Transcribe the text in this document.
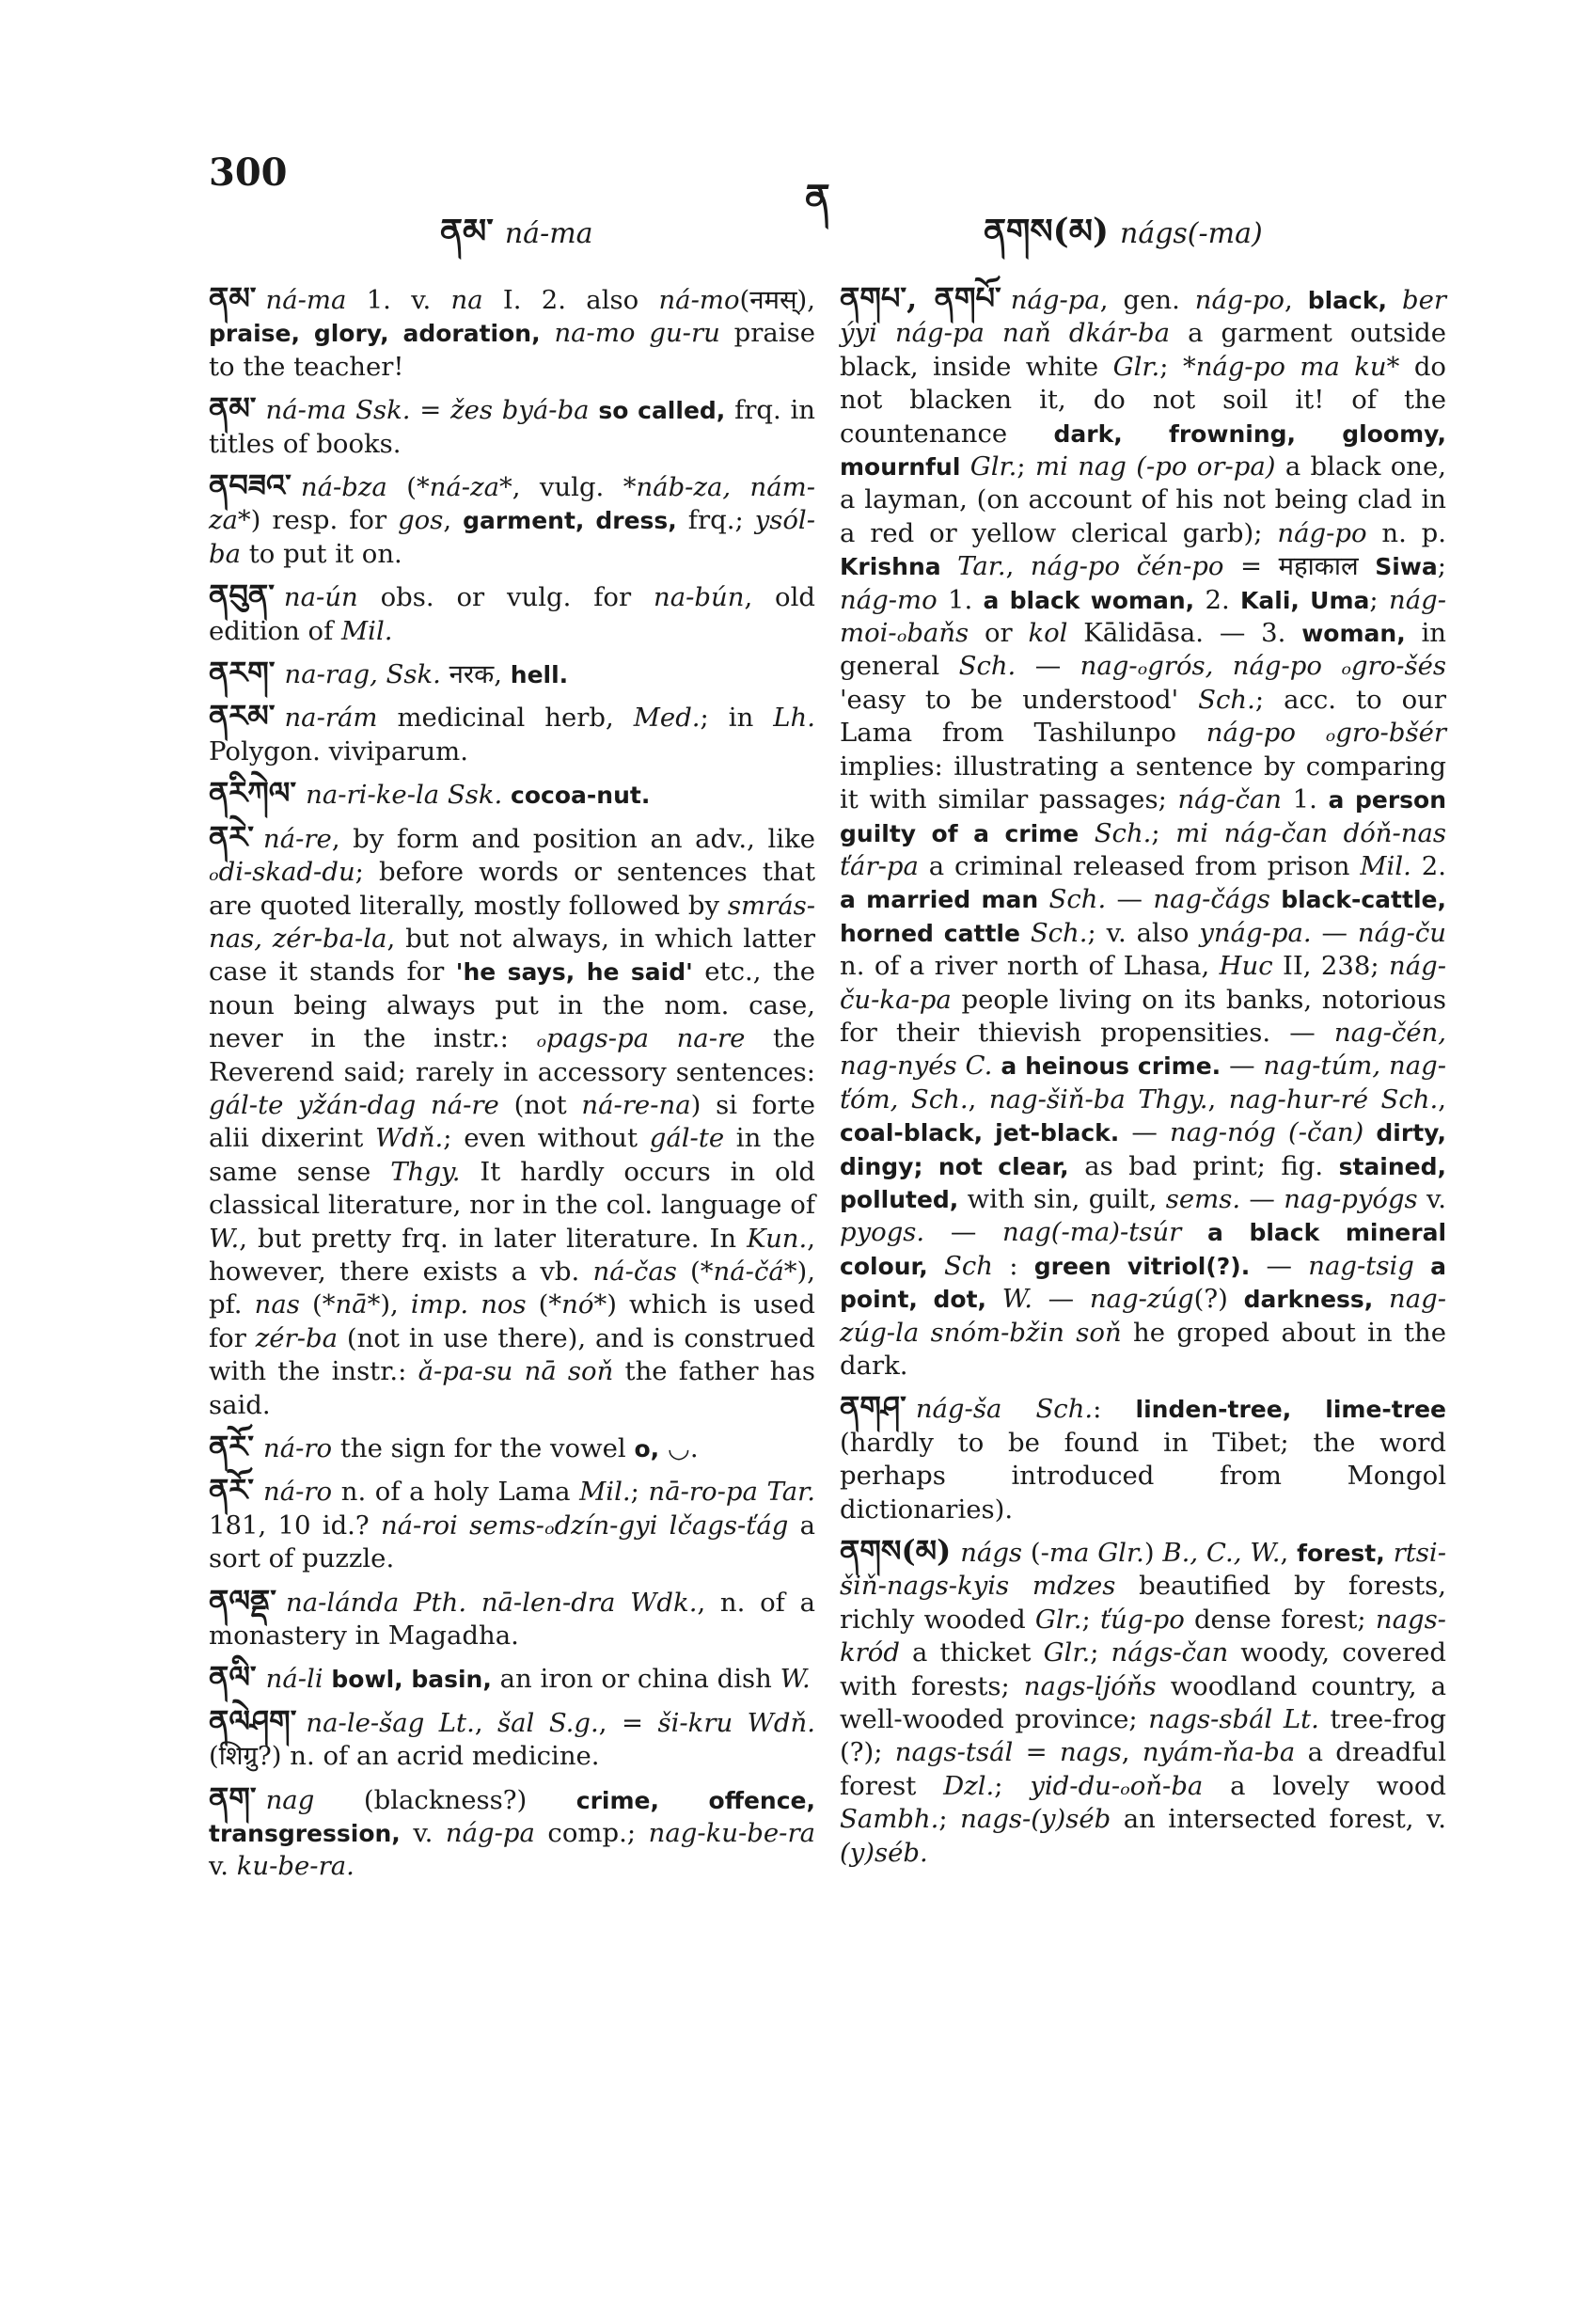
300
ནམ་ ná-ma
ན
ནགས(མ) nágs(-ma)
ནམ་ ná-ma 1. v. na I. 2. also ná-mo(नमस्), praise, glory, adoration, na-mo gu-ru praise to the teacher!
ནམ་ ná-ma Ssk. = žes byá-ba so called, frq. in titles of books.
ནབཟའ་ ná-bza (*ná-za*, vulg. *náb-za, nám-za*) resp. for gos, garment, dress, frq.; ysól-ba to put it on.
ནབུན་ na-ún obs. or vulg. for na-bún, old edition of Mil.
ནརག་ na-rag, Ssk. नरक, hell.
ནརམ་ na-rám medicinal herb, Med.; in Lh. Polygon. viviparum.
ནརིཀེལ་ na-ri-ke-la Ssk. cocoa-nut.
ནརེ་ ná-re, by form and position an adv., like ₒdi-skad-du; before words or sentences that are quoted literally, mostly followed by smrás-nas, zér-ba-la, but not always, in which latter case it stands for 'he says, he said' etc., the noun being always put in the nom. case, never in the instr.: ₒpags-pa na-re the Reverend said; rarely in accessory sentences: gál-te yžán-dag ná-re (not ná-re-na) si forte alii dixerint Wdň.; even without gál-te in the same sense Thgy. It hardly occurs in old classical literature, nor in the col. language of W., but pretty frq. in later literature. In Kun., however, there exists a vb. ná-čas (*ná-čá*), pf. nas (*nā*), imp. nos (*nó*) which is used for zér-ba (not in use there), and is construed with the instr.: ǎ-pa-su nā soň the father has said.
ནརོ་ ná-ro the sign for the vowel o, ◡.
ནརོ་ ná-ro n. of a holy Lama Mil.; nā-ro-pa Tar. 181, 10 id.? ná-roi sems-ₒdzín-gyi lčags-ťág a sort of puzzle.
ནལནྡ་ na-lánda Pth. nā-len-dra Wdk., n. of a monastery in Magadha.
ནལི་ ná-li bowl, basin, an iron or china dish W.
ནལེཤག་ na-le-šag Lt., šal S.g., = ši-kru Wdň. (शिग्रु?) n. of an acrid medicine.
ནག་ nag (blackness?) crime, offence, transgression, v. nág-pa comp.; nag-ku-be-ra v. ku-be-ra.
ནགཔ་, ནགཔོ་ nág-pa, gen. nág-po, black, ber ýyi nág-pa naň dkár-ba a garment outside black, inside white Glr.; *nág-po ma ku* do not blacken it, do not soil it! of the countenance dark, frowning, gloomy, mournful Glr.; mi nag (-po or-pa) a black one, a layman, (on account of his not being clad in a red or yellow clerical garb); nág-po n. p. Krishna Tar., nág-po čén-po = महाकाल Siwa; nág-mo 1. a black woman, 2. Kali, Uma; nág-moi-ₒbaňs or kol Kālidāsa. — 3. woman, in general Sch. — nag-ₒgrós, nág-po ₒgro-šés 'easy to be understood' Sch.; acc. to our Lama from Tashilunpo nág-po ₒgro-bšér implies: illustrating a sentence by comparing it with similar passages; nág-čan 1. a person guilty of a crime Sch.; mi nág-čan dóň-nas ťár-pa a criminal released from prison Mil. 2. a married man Sch. — nag-čágs black-cattle, horned cattle Sch.; v. also ynág-pa. — nág-ču n. of a river north of Lhasa, Huc II, 238; nág-ču-ka-pa people living on its banks, notorious for their thievish propensities. — nag-čén, nag-nyés C. a heinous crime. — nag-túm, nag-ťóm, Sch., nag-šiň-ba Thgy., nag-hur-ré Sch., coal-black, jet-black. — nag-nóg (-čan) dirty, dingy; not clear, as bad print; fig. stained, polluted, with sin, guilt, sems. — nag-pyógs v. pyogs. — nag(-ma)-tsúr a black mineral colour, Sch : green vitriol(?). — nag-tsig a point, dot, W. — nag-zúg(?) darkness, nag-zúg-la snóm-bžin soň he groped about in the dark.
ནགཤ་ nág-ša Sch.: linden-tree, lime-tree (hardly to be found in Tibet; the word perhaps introduced from Mongol dictionaries).
ནགས(མ) nágs (-ma Glr.) B., C., W., forest, rtsi-šiň-nags-kyis mdzes beautified by forests, richly wooded Glr.; ťúg-po dense forest; nags-kród a thicket Glr.; nágs-čan woody, covered with forests; nags-ljóňs woodland country, a well-wooded province; nags-sbál Lt. tree-frog (?); nags-tsál = nags, nyám-ňa-ba a dreadful forest Dzl.; yid-du-ₒoň-ba a lovely wood Sambh.; nags-(y)séb an intersected forest, v. (y)séb.
